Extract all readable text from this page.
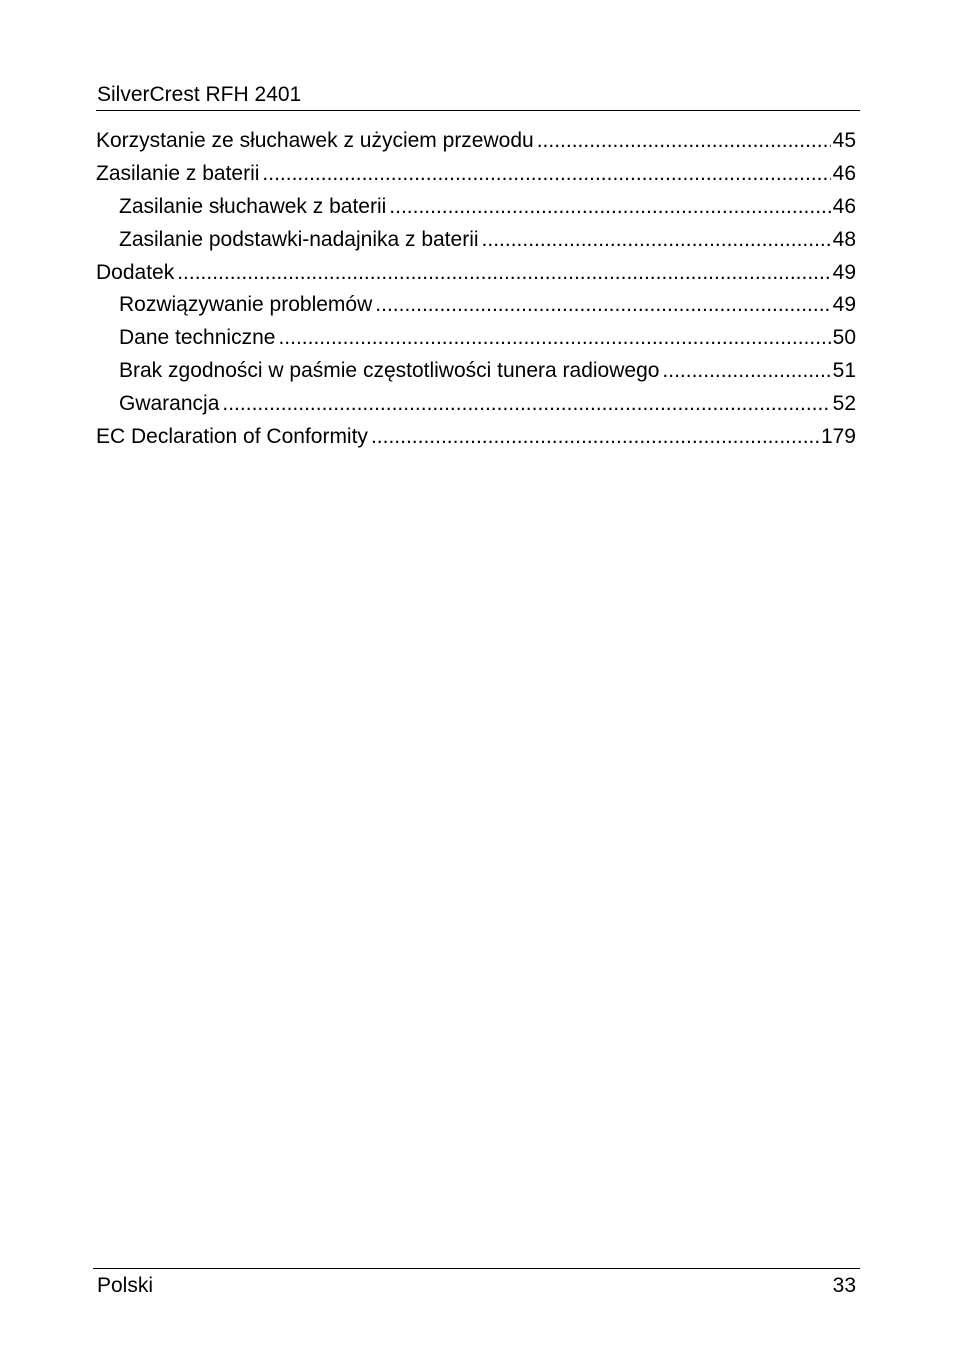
SilverCrest RFH 2401
Korzystanie ze słuchawek z użyciem przewodu .....	45
Zasilanie z baterii .....	46
Zasilanie słuchawek z baterii .....	46
Zasilanie podstawki-nadajnika z baterii .....	48
Dodatek .....	49
Rozwiązywanie problemów .....	49
Dane techniczne .....	50
Brak zgodności w paśmie częstotliwości tunera radiowego .....	51
Gwarancja .....	52
EC Declaration of Conformity .....	179
Polski	33
